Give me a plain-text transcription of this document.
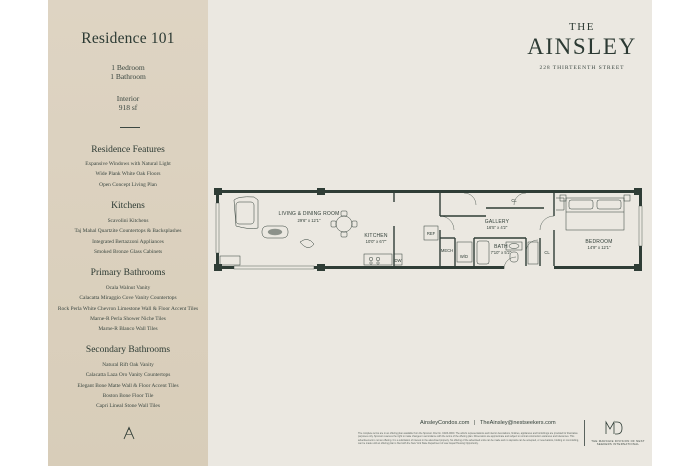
Residence 101
1 Bedroom
1 Bathroom
Interior
918 sf
Residence Features
Expansive Windows with Natural Light
Wide Plank White Oak Floors
Open Concept Living Plan
Kitchens
Scavolini Kitchens
Taj Mahal Quartzite Countertops & Backsplashes
Integrated Bertazzoni Appliances
Smoked Bronze Glass Cabinets
Primary Bathrooms
Ocala Walnut Vanity
Calacatta Miraggio Cove Vanity Countertops
Rock Perla White Chevron Limestone Wall & Floor Accent Tiles
Marne-R Perla Shower Niche Tiles
Marne-R Blanco Wall Tiles
Secondary Bathrooms
Natural Rift Oak Vanity
Calacatta Laza Oro Vanity Countertops
Elegant Bone Matte Wall & Floor Accent Tiles
Boston Bone Floor Tile
Capri Lineal Stone Wall Tiles
THE
AINSLEY
228 THIRTEENTH STREET
LIVING & DINING ROOM
29'6" x 12'1"
KITCHEN
10'0" x 6'7"
GALLERY
16'5" x 4'2"
BATH
7'10" x 5'2"
BEDROOM
14'9" x 12'1"
REF
DW
MECH
W/D
CL
CL
AinsleyCondos.com | TheAinsley@nestseekers.com
The complete terms are in an offering plan available from the Sponsor. File No. CD23-0000. The artist's representations and interior decorations, finishes, appliances and furnishings are provided for illustrative purposes only. Sponsor reserves the right to make changes in accordance with the terms of the offering plan. Dimensions are approximate and subject to normal construction variances and tolerances. This advertisement is not an offering. It is a solicitation of interest in the advertised property. No offering of the advertised units can be made and no deposits can be accepted, or reservations, binding or non-binding, can be made until an offering plan is filed with the New York State Department of Law. Equal Housing Opportunity.
THE MARCHIE DIVISION OF NEST SEEKERS INTERNATIONAL
